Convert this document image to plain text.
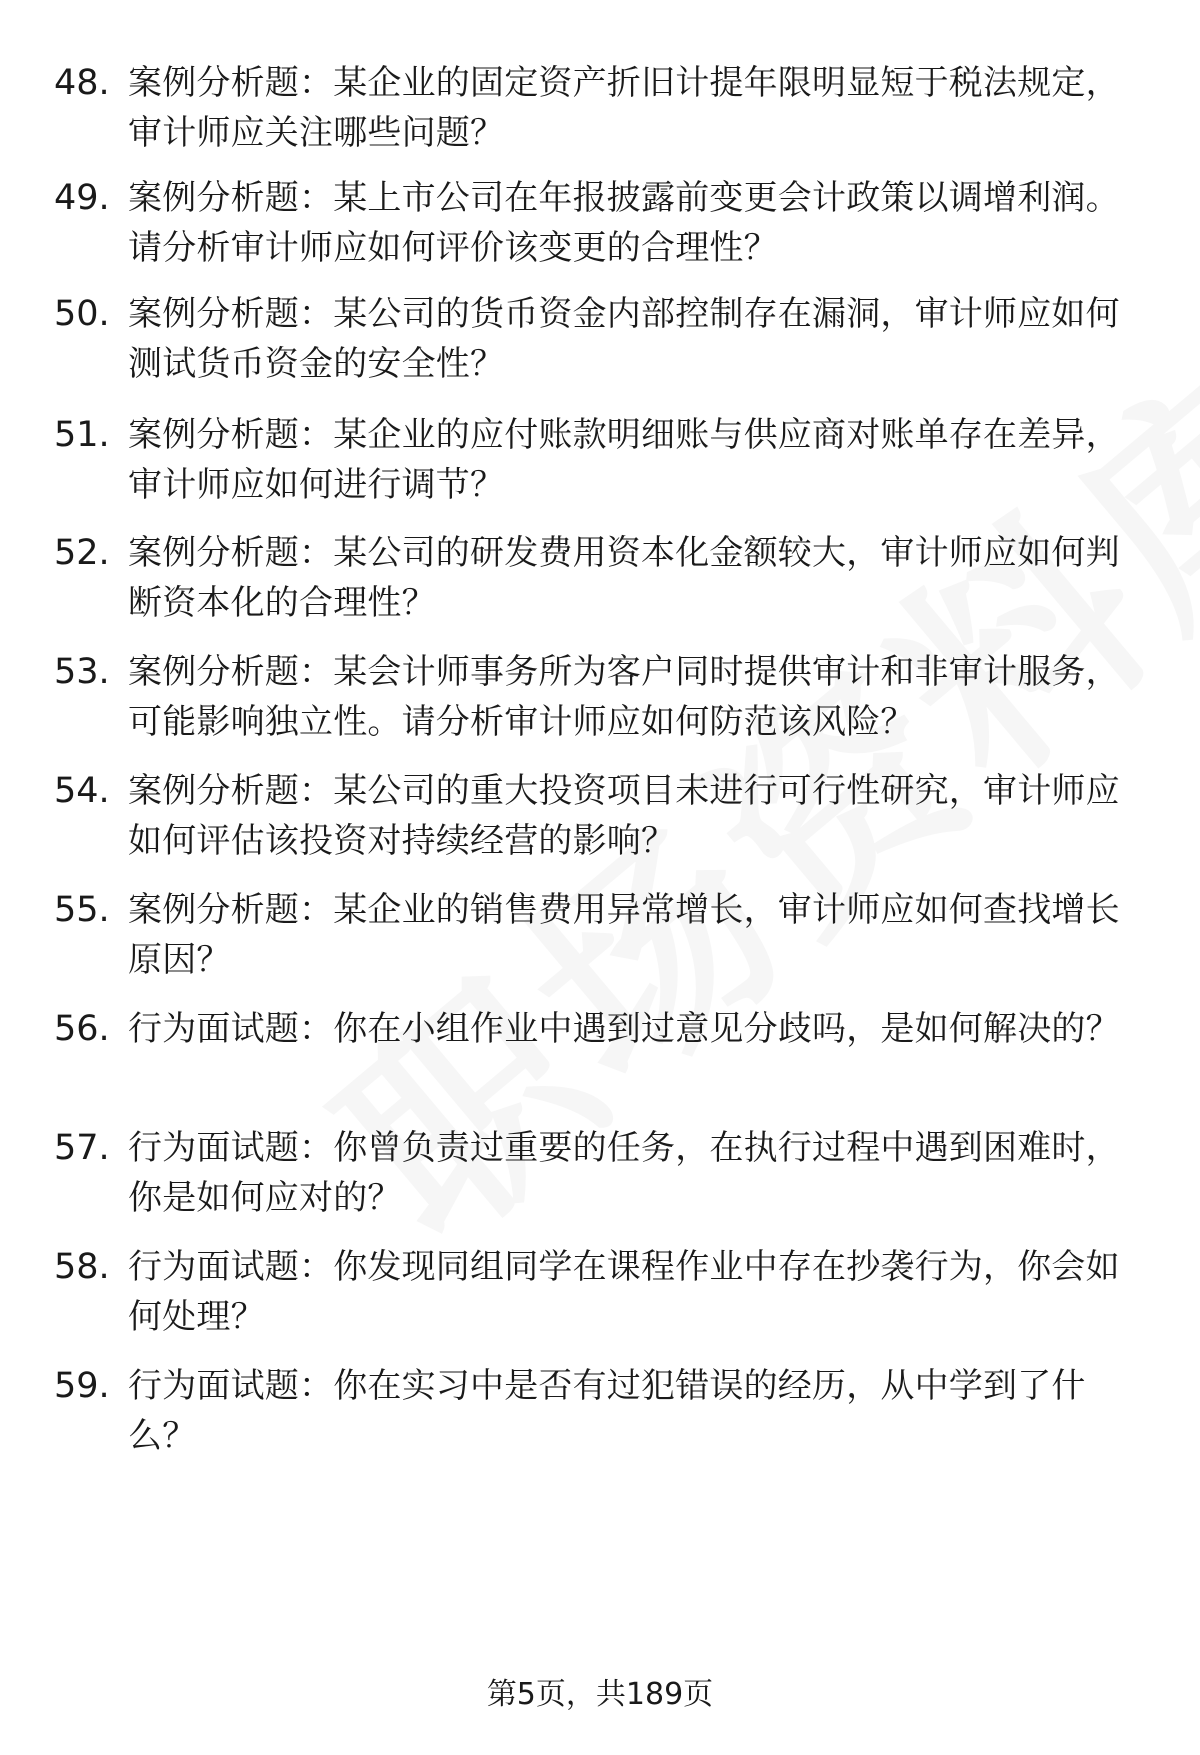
48. 案例分析题：某企业的固定资产折旧计提年限明显短于税法规定，审计师应关注哪些问题？
49. 案例分析题：某上市公司在年报披露前变更会计政策以调增利润。请分析审计师应如何评价该变更的合理性？
50. 案例分析题：某公司的货币资金内部控制存在漏洞，审计师应如何测试货币资金的安全性？
51. 案例分析题：某企业的应付账款明细账与供应商对账单存在差异，审计师应如何进行调节？
52. 案例分析题：某公司的研发费用资本化金额较大，审计师应如何判断资本化的合理性？
53. 案例分析题：某会计师事务所为客户同时提供审计和非审计服务，可能影响独立性。请分析审计师应如何防范该风险？
54. 案例分析题：某公司的重大投资项目未进行可行性研究，审计师应如何评估该投资对持续经营的影响？
55. 案例分析题：某企业的销售费用异常增长，审计师应如何查找增长原因？
56. 行为面试题：你在小组作业中遇到过意见分歧吗，是如何解决的？
57. 行为面试题：你曾负责过重要的任务，在执行过程中遇到困难时，你是如何应对的？
58. 行为面试题：你发现同组同学在课程作业中存在抄袭行为，你会如何处理？
59. 行为面试题：你在实习中是否有过犯错误的经历，从中学到了什么？
第5页，共189页
